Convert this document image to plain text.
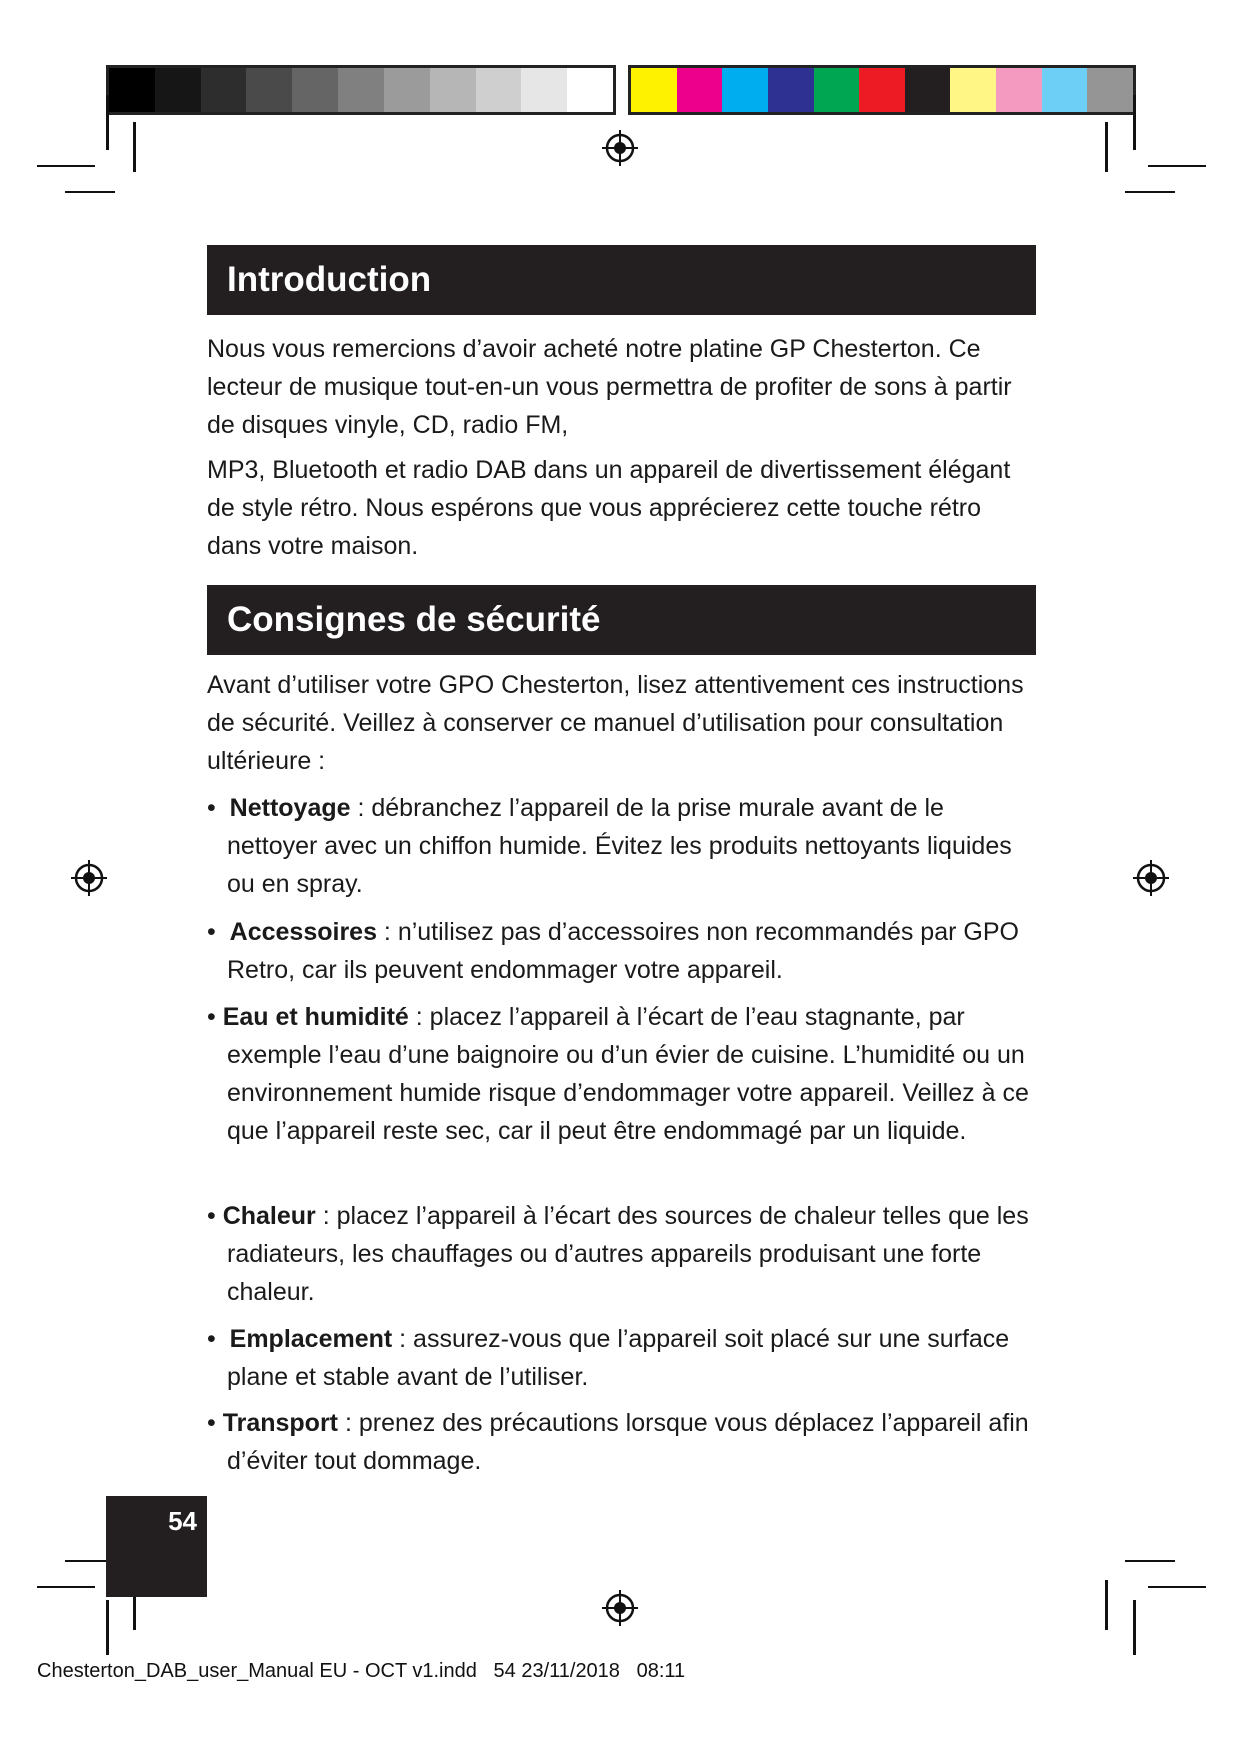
Introduction

Nous vous remercions d’avoir acheté notre platine GP Chesterton. Ce lecteur de musique tout-en-un vous permettra de profiter de sons à partir de disques vinyle, CD, radio FM,

MP3, Bluetooth et radio DAB dans un appareil de divertissement élégant de style rétro. Nous espérons que vous apprécierez cette touche rétro dans votre maison.

Consignes de sécurité

Avant d’utiliser votre GPO Chesterton, lisez attentivement ces instructions de sécurité. Veillez à conserver ce manuel d’utilisation pour consultation ultérieure :

•  Nettoyage : débranchez l’appareil de la prise murale avant de le nettoyer avec un chiffon humide. Évitez les produits nettoyants liquides ou en spray.
•  Accessoires : n’utilisez pas d’accessoires non recommandés par GPO Retro, car ils peuvent endommager votre appareil.
• Eau et humidité : placez l’appareil à l’écart de l’eau stagnante, par exemple l’eau d’une baignoire ou d’un évier de cuisine. L’humidité ou un environnement humide risque d’endommager votre appareil. Veillez à ce que l’appareil reste sec, car il peut être endommagé par un liquide.
• Chaleur : placez l’appareil à l’écart des sources de chaleur telles que les radiateurs, les chauffages ou d’autres appareils produisant une forte chaleur.
•  Emplacement : assurez-vous que l’appareil soit placé sur une surface plane et stable avant de l’utiliser.
• Transport : prenez des précautions lorsque vous déplacez l’appareil afin d’éviter tout dommage.
54
Chesterton_DAB_user_Manual EU - OCT v1.indd   54 23/11/2018   08:11
